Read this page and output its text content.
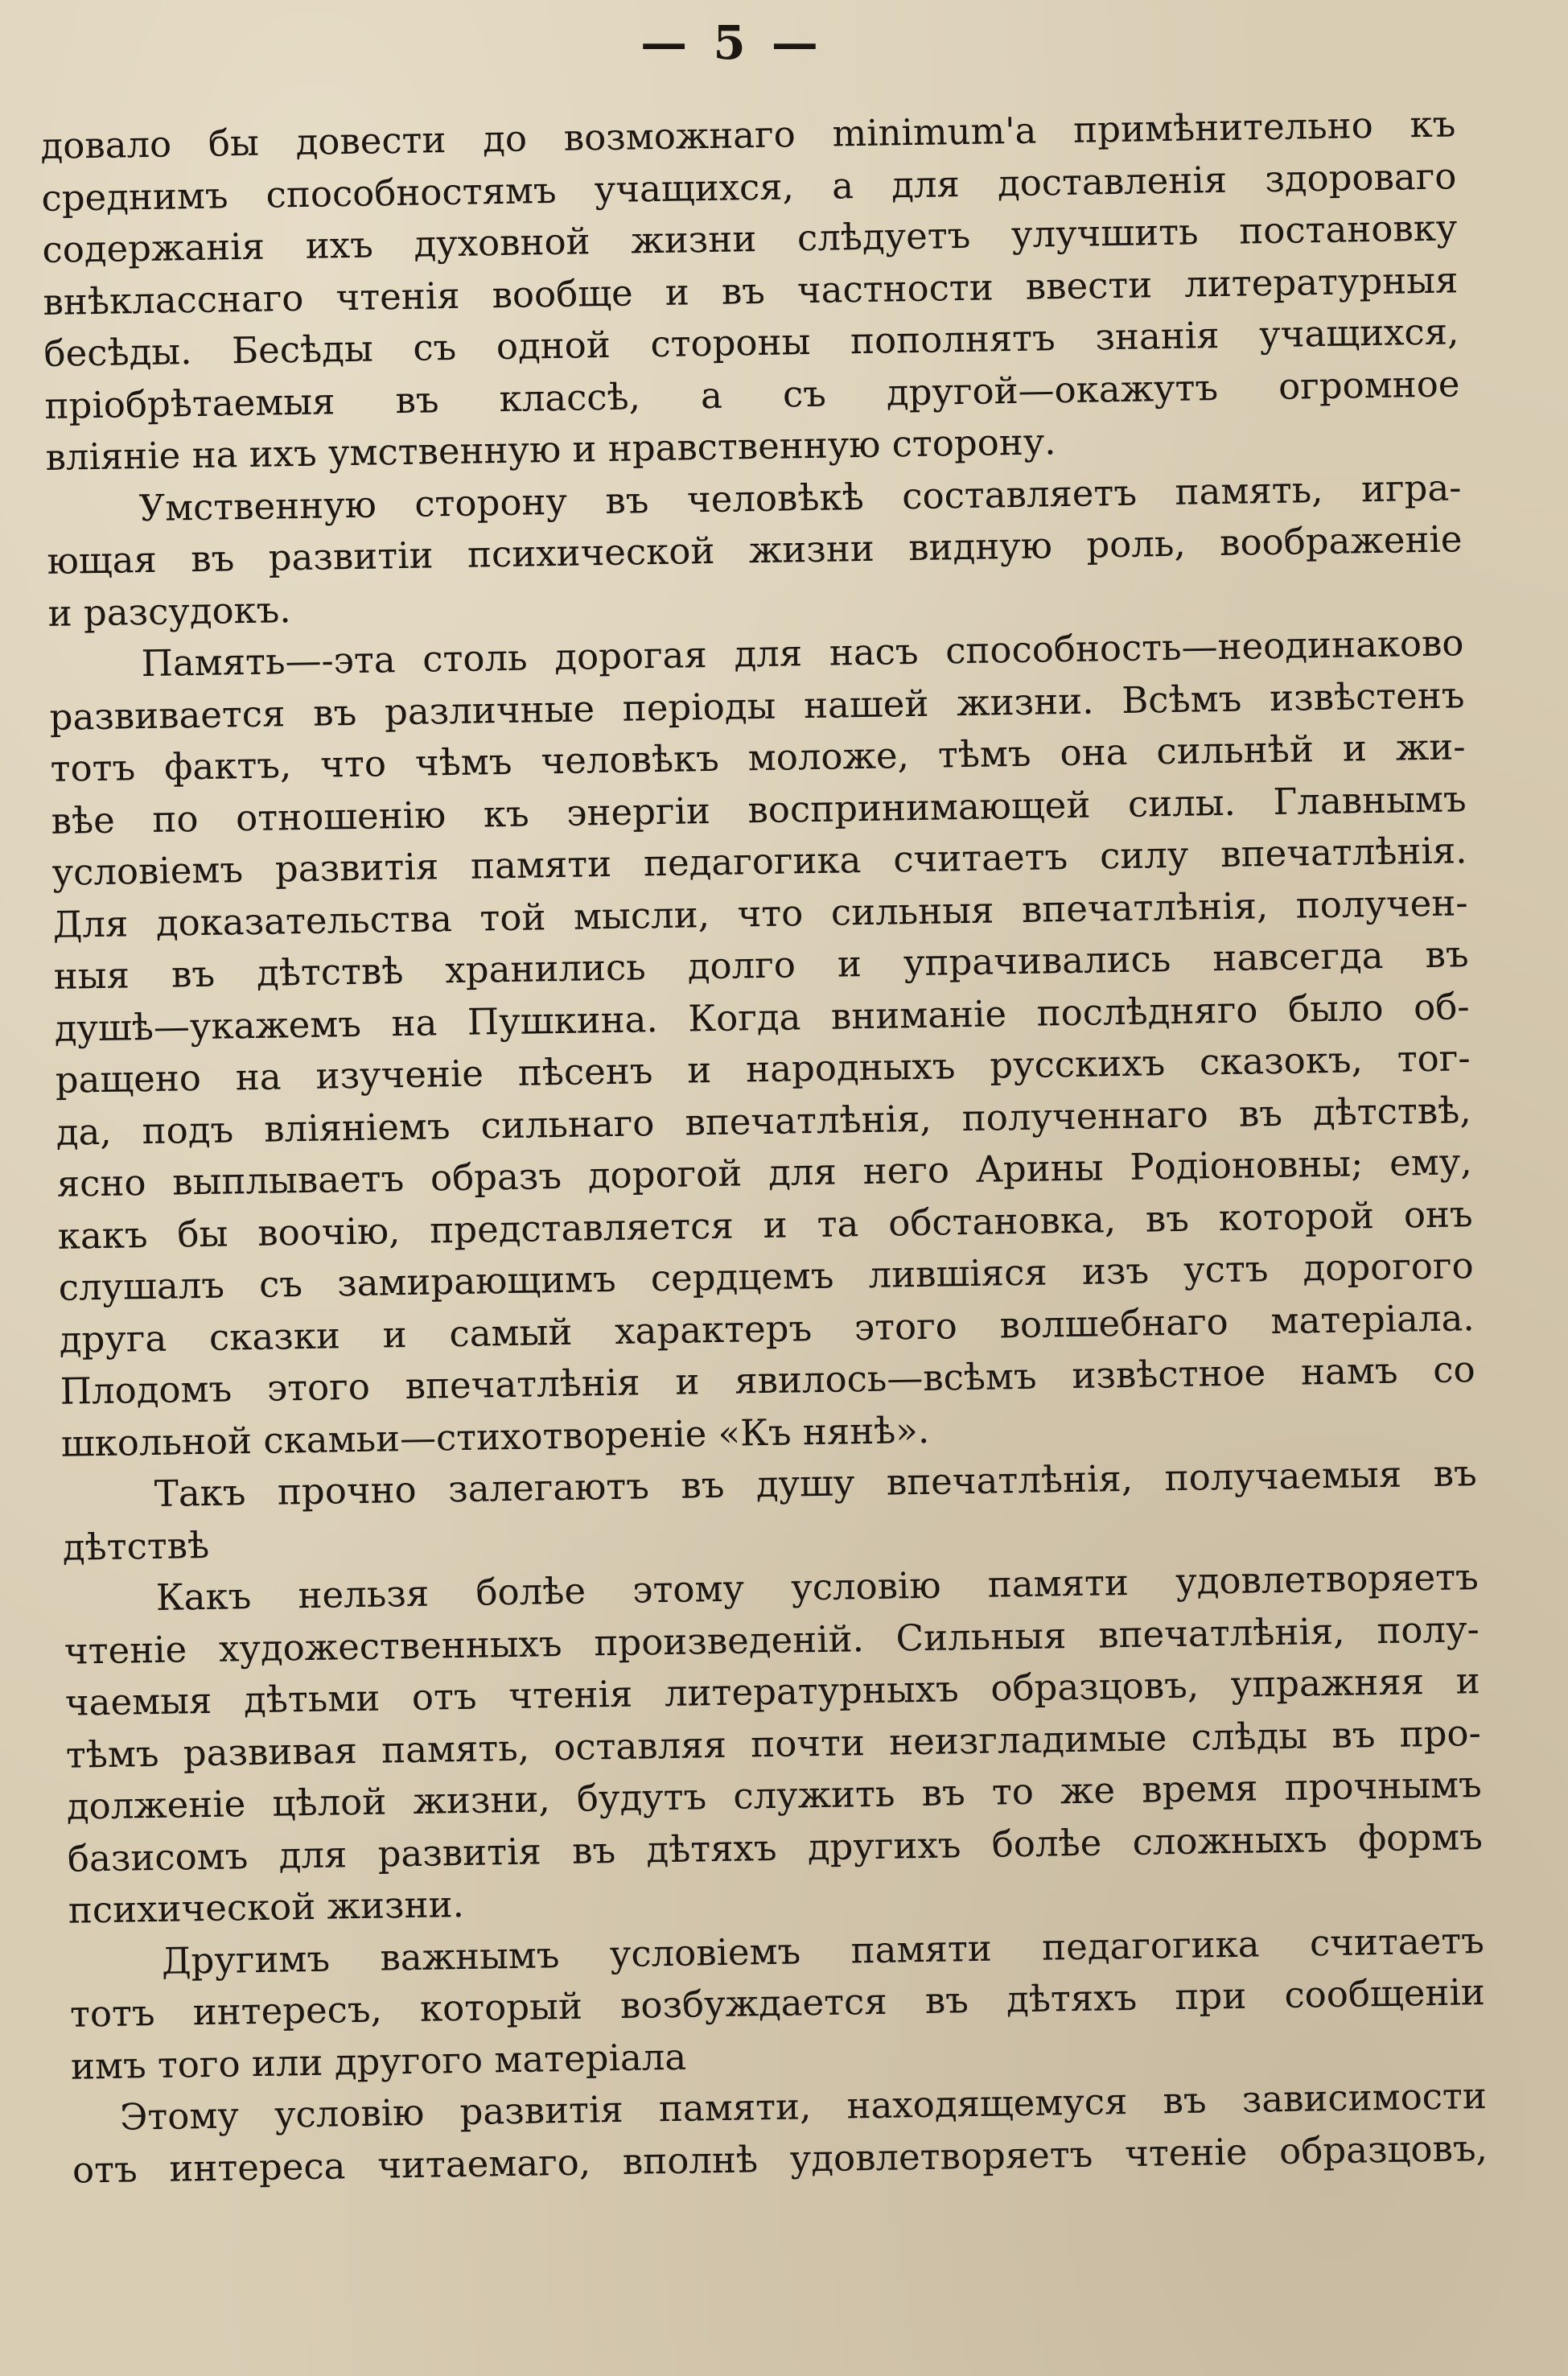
— 5 —
довало бы довести до возможнаго minimum'а примѣнительно къ
среднимъ способностямъ учащихся, а для доставленія здороваго
содержанія ихъ духовной жизни слѣдуетъ улучшить постановку
внѣкласснаго чтенія вообще и въ частности ввести литературныя
бесѣды. Бесѣды съ одной стороны пополнятъ знанія учащихся,
пріобрѣтаемыя въ классѣ, а съ другой—окажутъ огромное
вліяніе на ихъ умственную и нравственную сторону.
Умственную сторону въ человѣкѣ составляетъ память, игра-
ющая въ развитіи психической жизни видную роль, воображеніе
и разсудокъ.
Память—-эта столь дорогая для насъ способность—неодинаково
развивается въ различные періоды нашей жизни. Всѣмъ извѣстенъ
тотъ фактъ, что чѣмъ человѣкъ моложе, тѣмъ она сильнѣй и жи-
вѣе по отношенію къ энергіи воспринимающей силы. Главнымъ
условіемъ развитія памяти педагогика считаетъ силу впечатлѣнія.
Для доказательства той мысли, что сильныя впечатлѣнія, получен-
ныя въ дѣтствѣ хранились долго и упрачивались навсегда въ
душѣ—укажемъ на Пушкина. Когда вниманіе послѣдняго было об-
ращено на изученіе пѣсенъ и народныхъ русскихъ сказокъ, тог-
да, подъ вліяніемъ сильнаго впечатлѣнія, полученнаго въ дѣтствѣ,
ясно выплываетъ образъ дорогой для него Арины Родіоновны; ему,
какъ бы воочію, представляется и та обстановка, въ которой онъ
слушалъ съ замирающимъ сердцемъ лившіяся изъ устъ дорогого
друга сказки и самый характеръ этого волшебнаго матеріала.
Плодомъ этого впечатлѣнія и явилось—всѣмъ извѣстное намъ со
школьной скамьи—стихотвореніе «Къ нянѣ».
Такъ прочно залегаютъ въ душу впечатлѣнія, получаемыя въ
дѣтствѣ
Какъ нельзя болѣе этому условію памяти удовлетворяетъ
чтеніе художественныхъ произведеній. Сильныя впечатлѣнія, полу-
чаемыя дѣтьми отъ чтенія литературныхъ образцовъ, упражняя и
тѣмъ развивая память, оставляя почти неизгладимые слѣды въ про-
долженіе цѣлой жизни, будутъ служить въ то же время прочнымъ
базисомъ для развитія въ дѣтяхъ другихъ болѣе сложныхъ формъ
психической жизни.
Другимъ важнымъ условіемъ памяти педагогика считаетъ
тотъ интересъ, который возбуждается въ дѣтяхъ при сообщеніи
имъ того или другого матеріала
Этому условію развитія памяти, находящемуся въ зависимости
отъ интереса читаемаго, вполнѣ удовлетворяетъ чтеніе образцовъ,
